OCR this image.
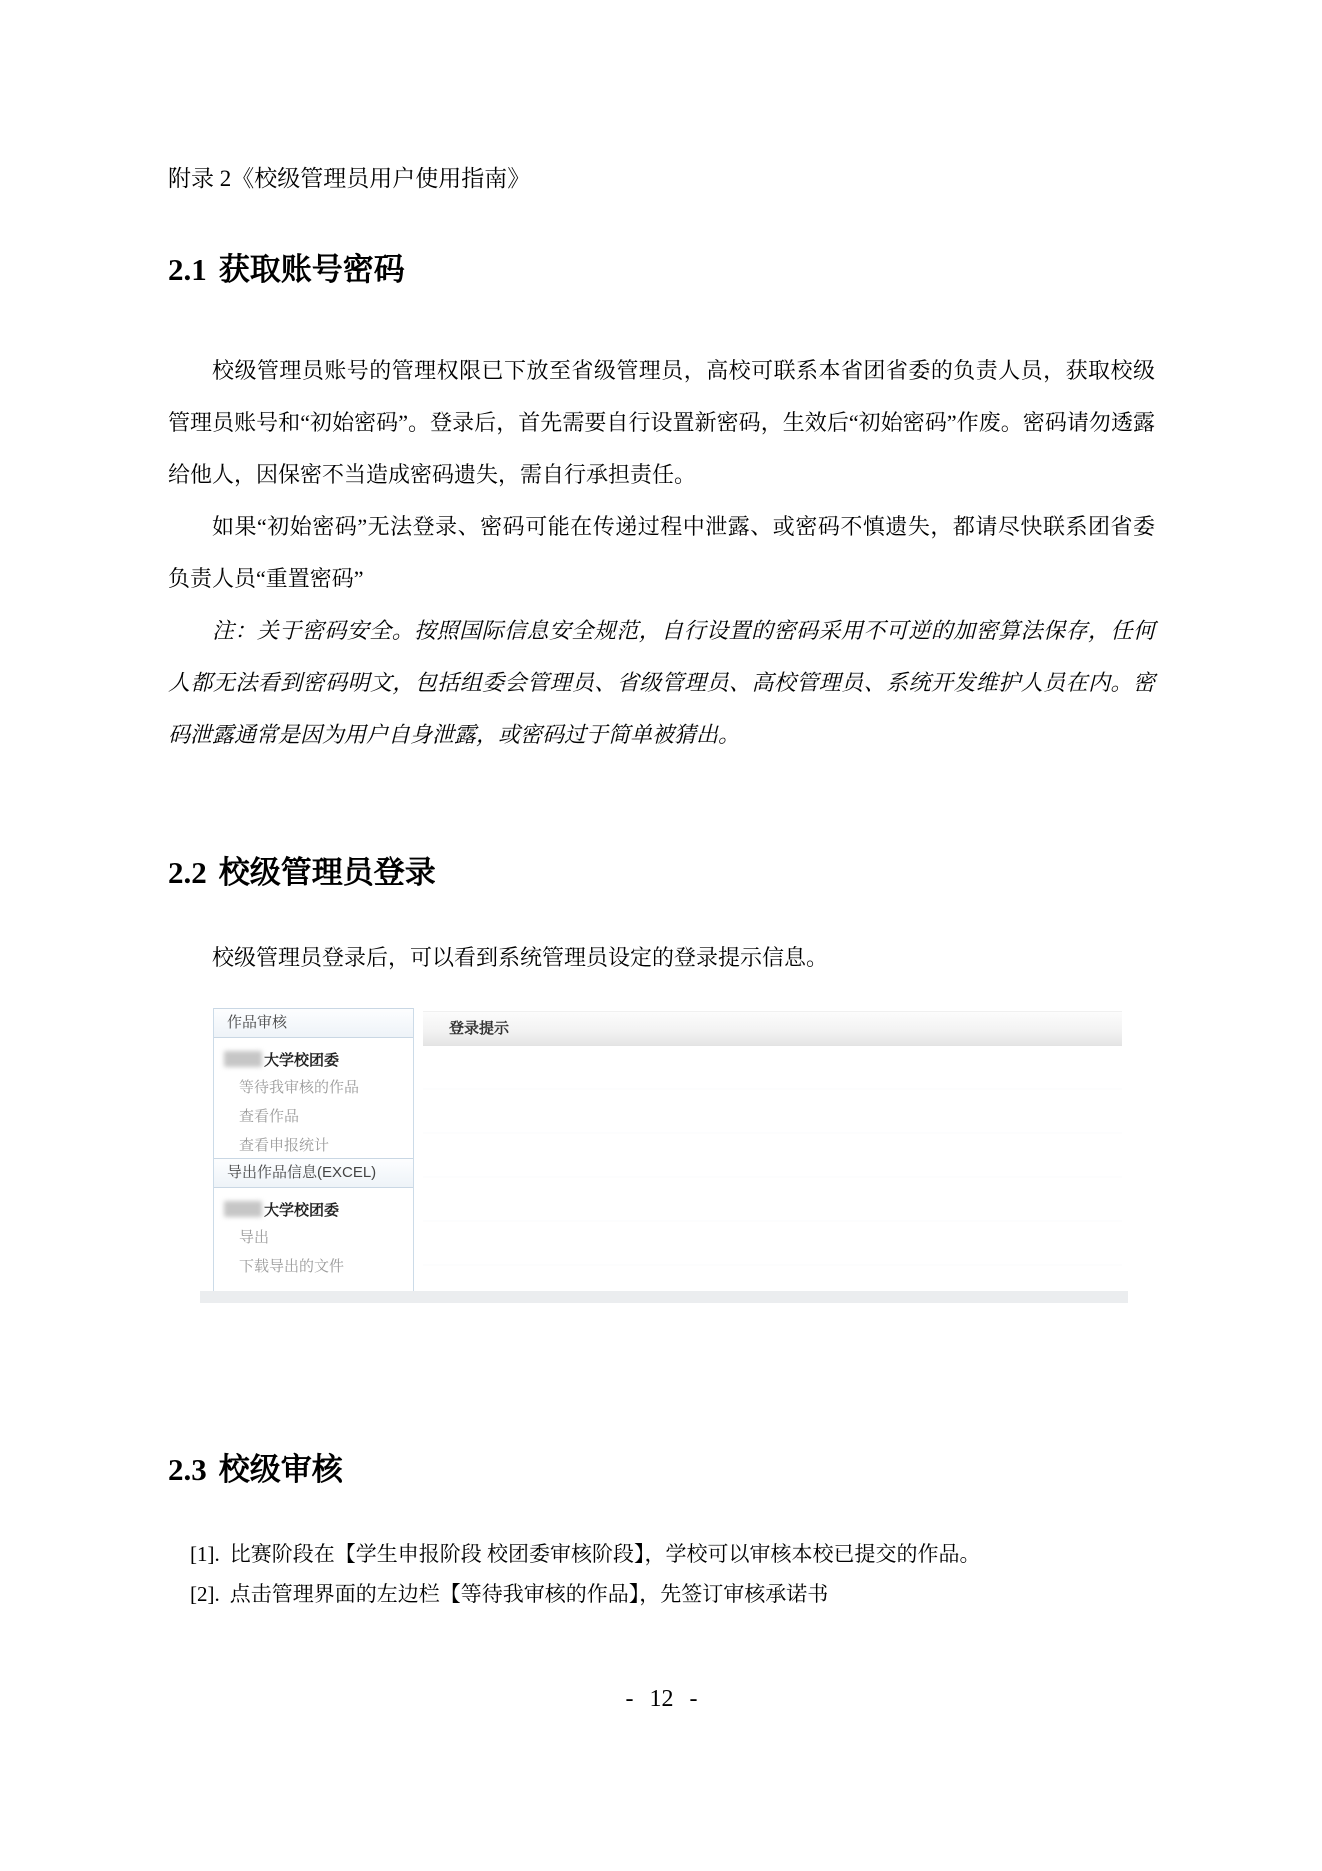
附录 2《校级管理员用户使用指南》
2.1 获取账号密码

校级管理员账号的管理权限已下放至省级管理员，高校可联系本省团省委的负责人员，获取校级管理员账号和“初始密码”。登录后，首先需要自行设置新密码，生效后“初始密码”作废。密码请勿透露给他人，因保密不当造成密码遗失，需自行承担责任。

如果“初始密码”无法登录、密码可能在传递过程中泄露、或密码不慎遗失，都请尽快联系团省委负责人员“重置密码”

注：关于密码安全。按照国际信息安全规范，自行设置的密码采用不可逆的加密算法保存，任何人都无法看到密码明文，包括组委会管理员、省级管理员、高校管理员、系统开发维护人员在内。密码泄露通常是因为用户自身泄露，或密码过于简单被猜出。

2.2 校级管理员登录

校级管理员登录后，可以看到系统管理员设定的登录提示信息。

作品审核
大学校团委
等待我审核的作品
查看作品
查看申报统计
导出作品信息(EXCEL)
大学校团委
导出
下载导出的文件
登录提示
2.3 校级审核
[1]. 比赛阶段在【学生申报阶段 校团委审核阶段】，学校可以审核本校已提交的作品。
[2]. 点击管理界面的左边栏【等待我审核的作品】，先签订审核承诺书
- 12 -
